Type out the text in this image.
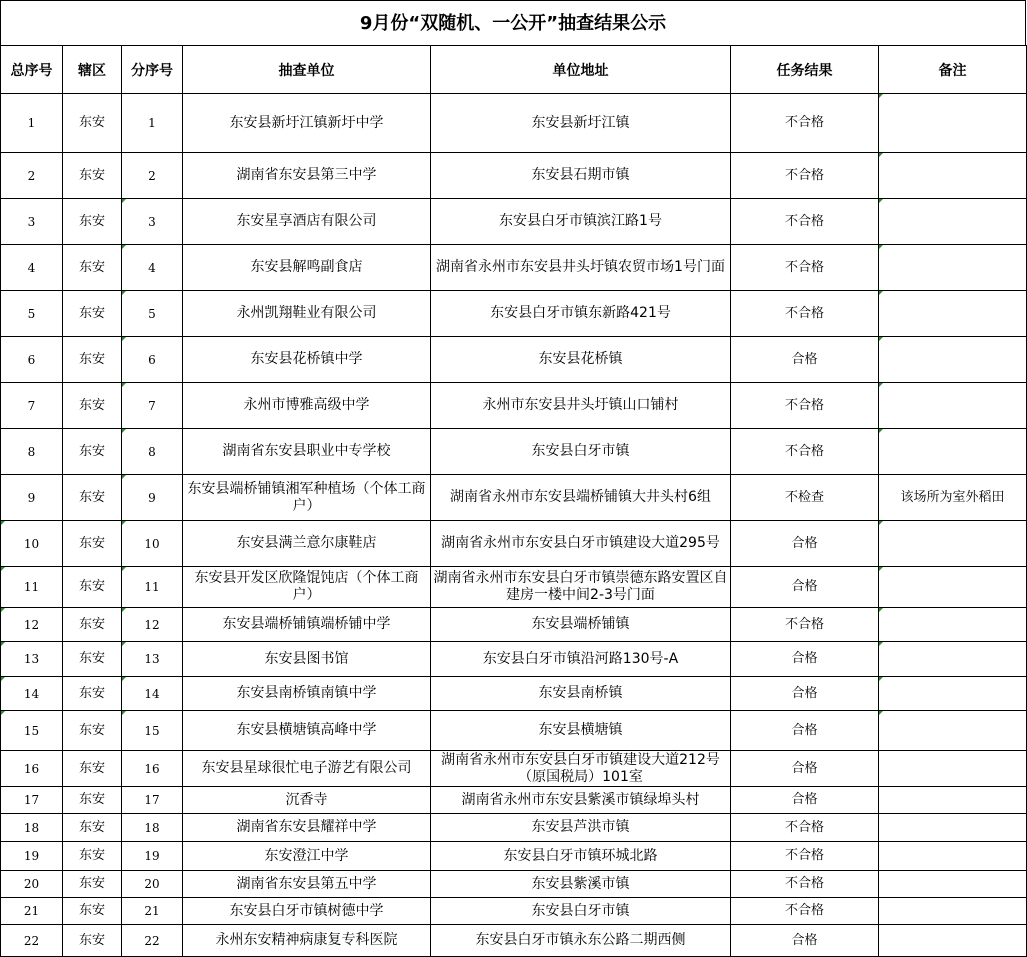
9月份“双随机、一公开”抽查结果公示
总序号	辖区	分序号	抽查单位	单位地址	任务结果	备注
1	东安	1	东安县新圩江镇新圩中学	东安县新圩江镇	不合格	
2	东安	2	湖南省东安县第三中学	东安县石期市镇	不合格	
3	东安	3	东安星享酒店有限公司	东安县白牙市镇滨江路1号	不合格	
4	东安	4	东安县解鸣副食店	湖南省永州市东安县井头圩镇农贸市场1号门面	不合格	
5	东安	5	永州凯翔鞋业有限公司	东安县白牙市镇东新路421号	不合格	
6	东安	6	东安县花桥镇中学	东安县花桥镇	合格	
7	东安	7	永州市博雅高级中学	永州市东安县井头圩镇山口铺村	不合格	
8	东安	8	湖南省东安县职业中专学校	东安县白牙市镇	不合格	
9	东安	9	东安县端桥铺镇湘军种植场（个体工商户）	湖南省永州市东安县端桥铺镇大井头村6组	不检查	该场所为室外稻田
10	东安	10	东安县满兰意尔康鞋店	湖南省永州市东安县白牙市镇建设大道295号	合格	
11	东安	11	东安县开发区欣隆馄饨店（个体工商户）	湖南省永州市东安县白牙市镇崇德东路安置区自建房一楼中间2-3号门面	合格	
12	东安	12	东安县端桥铺镇端桥铺中学	东安县端桥铺镇	不合格	
13	东安	13	东安县图书馆	东安县白牙市镇沿河路130号-A	合格	
14	东安	14	东安县南桥镇南镇中学	东安县南桥镇	合格	
15	东安	15	东安县横塘镇高峰中学	东安县横塘镇	合格	
16	东安	16	东安县星球很忙电子游艺有限公司	湖南省永州市东安县白牙市镇建设大道212号（原国税局）101室	合格	
17	东安	17	沉香寺	湖南省永州市东安县紫溪市镇绿埠头村	合格	
18	东安	18	湖南省东安县耀祥中学	东安县芦洪市镇	不合格	
19	东安	19	东安澄江中学	东安县白牙市镇环城北路	不合格	
20	东安	20	湖南省东安县第五中学	东安县紫溪市镇	不合格	
21	东安	21	东安县白牙市镇树德中学	东安县白牙市镇	不合格	
22	东安	22	永州东安精神病康复专科医院	东安县白牙市镇永东公路二期西侧	合格	
